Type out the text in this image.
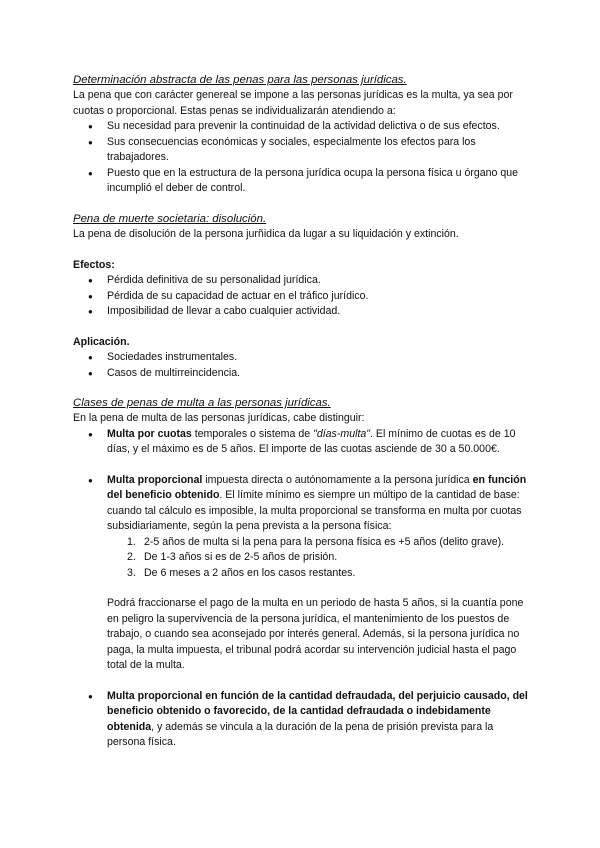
Determinación abstracta de las penas para las personas jurídicas.

La pena que con carácter genereal se impone a las personas jurídicas es la multa, ya sea por cuotas o proporcional. Estas penas se individualizarán atendiendo a:

● Su necesidad para prevenir la continuidad de la actividad delictiva o de sus efectos.
● Sus consecuencias económicas y sociales, especialmente los efectos para los trabajadores.
● Puesto que en la estructura de la persona jurídica ocupa la persona física u órgano que incumplió el deber de control.
Pena de muerte societaria: disolución.

La pena de disolución de la persona jurñidica da lugar a su liquidación y extinción.

Efectos:

● Pérdida definitiva de su personalidad jurídica.
● Pérdida de su capacidad de actuar en el tráfico jurídico.
● Imposibilidad de llevar a cabo cualquier actividad.

Aplicación.

● Sociedades instrumentales.
● Casos de multirreincidencia.
Clases de penas de multa a las personas jurídicas.

En la pena de multa de las personas jurídicas, cabe distinguir:

● Multa por cuotas temporales o sistema de "días-multa". El mínimo de cuotas es de 10 días, y el máximo es de 5 años. El importe de las cuotas asciende de 30 a 50.000€.
● Multa proporcional impuesta directa o autónomamente a la persona jurídica en función del beneficio obtenido. El límite mínimo es siempre un múltipo de la cantidad de base: cuando tal cálculo es imposible, la multa proporcional se transforma en multa por cuotas subsidiariamente, según la pena prevista a la persona física:
1. 2-5 años de multa si la pena para la persona física es +5 años (delito grave).
2. De 1-3 años si es de 2-5 años de prisión.
3. De 6 meses a 2 años en los casos restantes.

Podrá fraccionarse el pago de la multa en un periodo de hasta 5 años, si la cuantía pone en peligro la supervivencia de la persona jurídica, el mantenimiento de los puestos de trabajo, o cuando sea aconsejado por interés general. Además, si la persona jurídica no paga, la multa impuesta, el tribunal podrá acordar su intervención judicial hasta el pago total de la multa.

● Multa proporcional en función de la cantidad defraudada, del perjuicio causado, del beneficio obtenido o favorecido, de la cantidad defraudada o indebidamente obtenida, y además se vincula a la duración de la pena de prisión prevista para la persona física.
